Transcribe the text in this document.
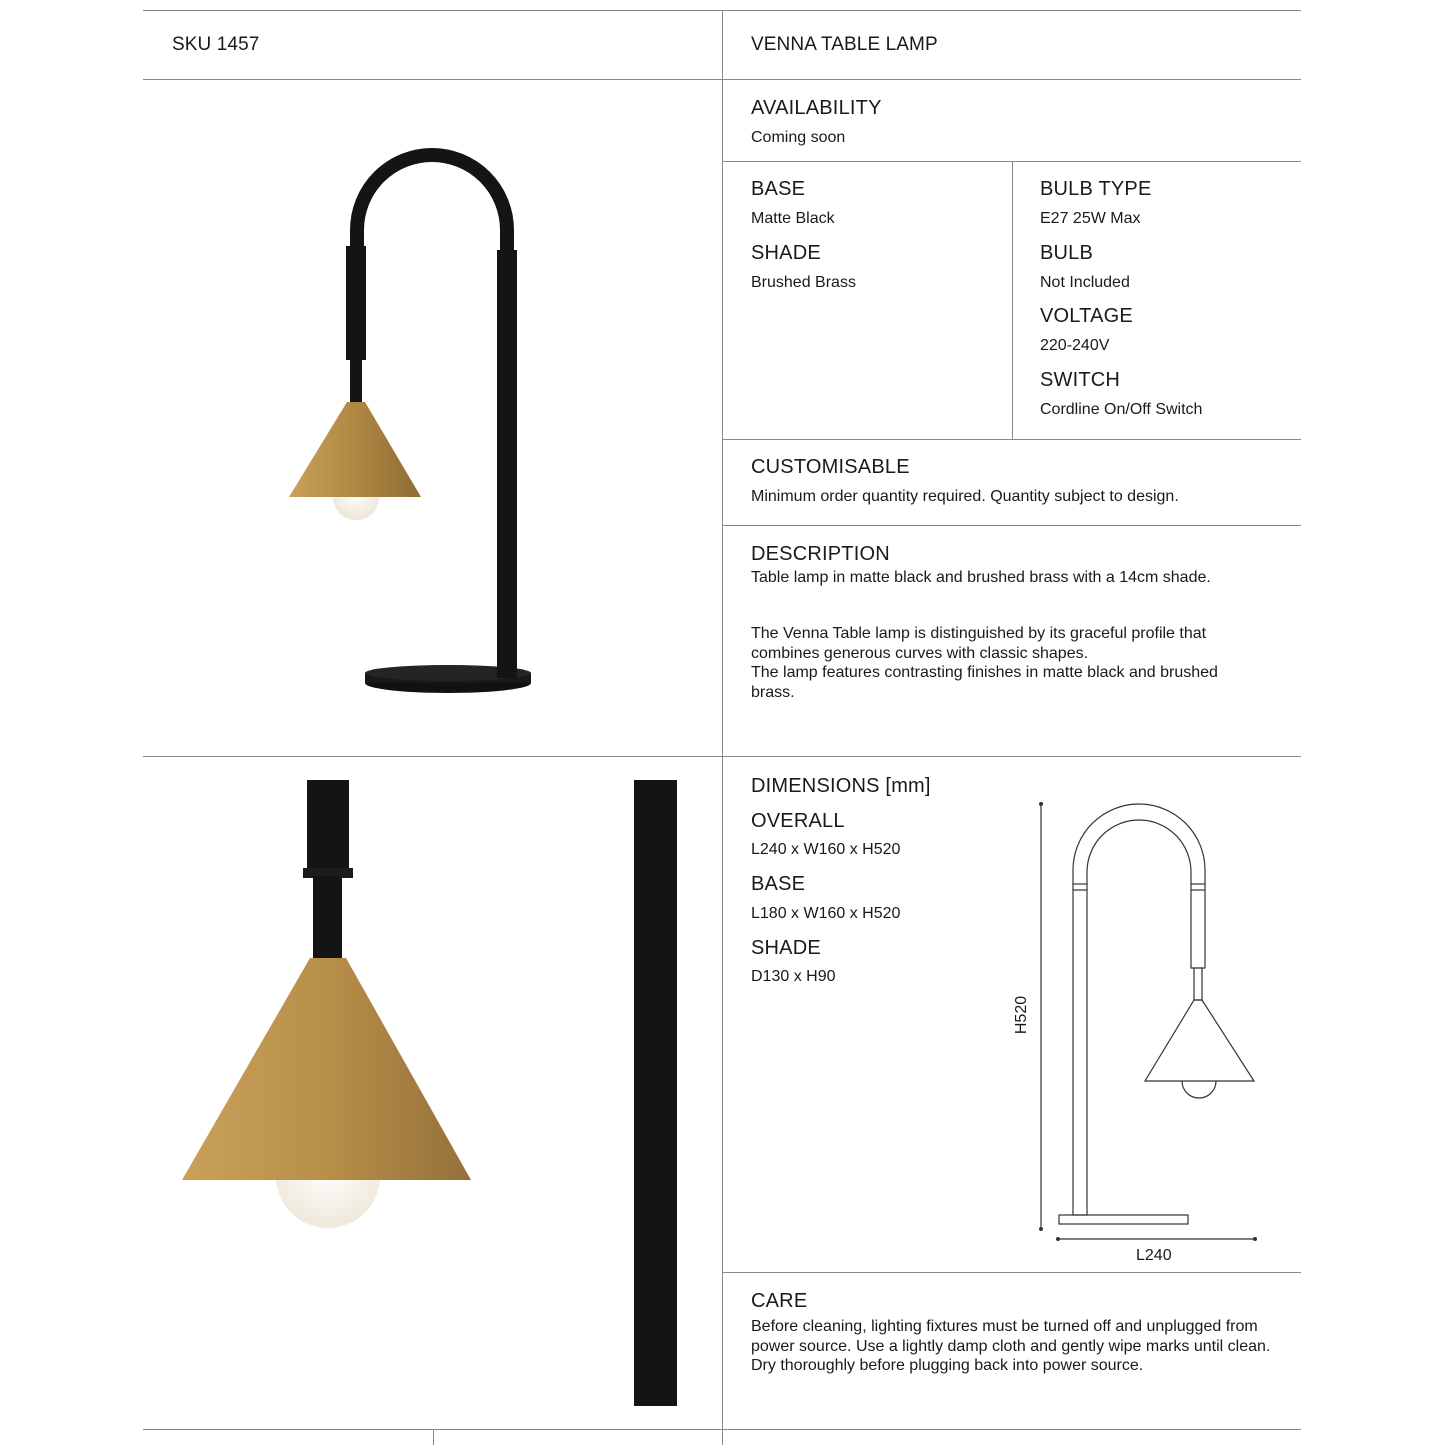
SKU 1457	VENNA TABLE LAMP
AVAILABILITY
Coming soon
BASE
Matte Black
SHADE
Brushed Brass
BULB TYPE
E27 25W Max
BULB
Not Included
VOLTAGE
220-240V
SWITCH
Cordline On/Off Switch
CUSTOMISABLE
Minimum order quantity required. Quantity subject to design.
DESCRIPTION
Table lamp in matte black and brushed brass with a 14cm shade.
The Venna Table lamp is distinguished by its graceful profile that combines generous curves with classic shapes.
The lamp features contrasting finishes in matte black and brushed brass.
DIMENSIONS [mm]
OVERALL
L240 x W160 x H520
BASE
L180 x W160 x H520
SHADE
D130 x H90
CARE
Before cleaning, lighting fixtures must be turned off and unplugged from power source. Use a lightly damp cloth and gently wipe marks until clean. Dry thoroughly before plugging back into power source.
H520
L240
